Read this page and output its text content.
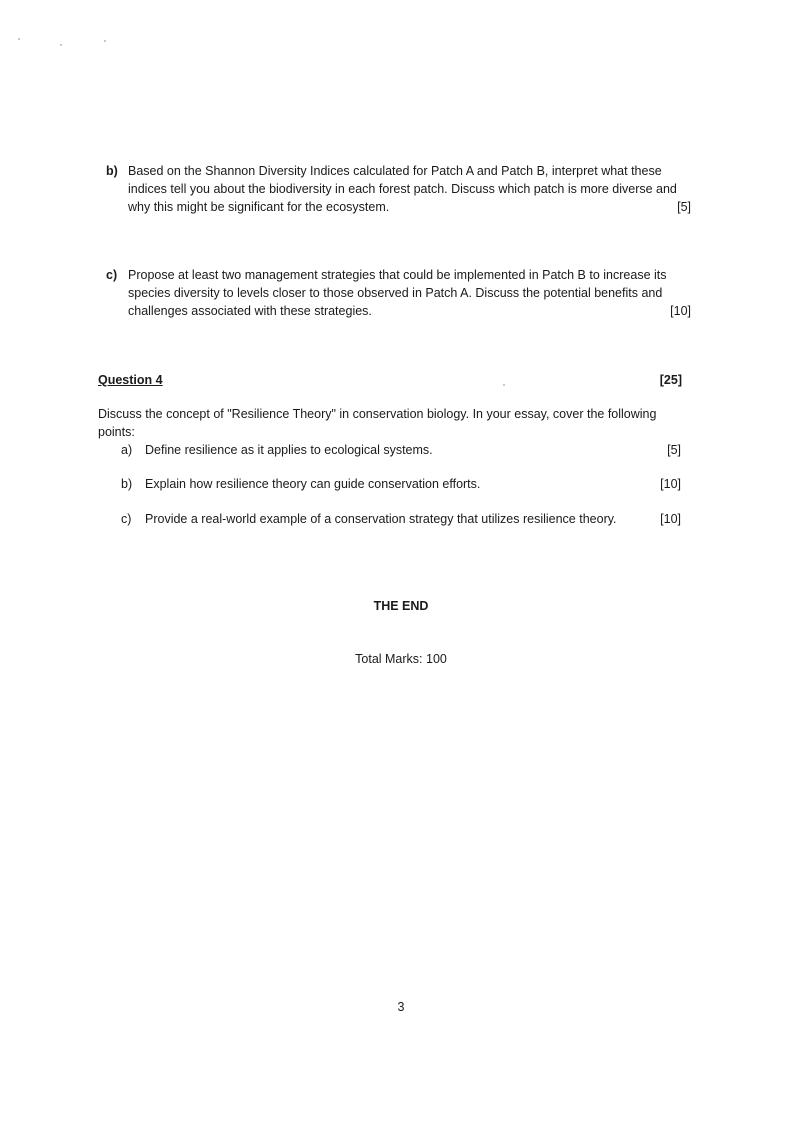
b) Based on the Shannon Diversity Indices calculated for Patch A and Patch B, interpret what these
indices tell you about the biodiversity in each forest patch. Discuss which patch is more diverse and
why this might be significant for the ecosystem.	[5]
c) Propose at least two management strategies that could be implemented in Patch B to increase its
species diversity to levels closer to those observed in Patch A. Discuss the potential benefits and
challenges associated with these strategies.	[10]
Question 4	[25]
Discuss the concept of "Resilience Theory" in conservation biology. In your essay, cover the following
points:
a) Define resilience as it applies to ecological systems.	[5]
b) Explain how resilience theory can guide conservation efforts.	[10]
c) Provide a real-world example of a conservation strategy that utilizes resilience theory.	[10]
THE END
Total Marks: 100
3
